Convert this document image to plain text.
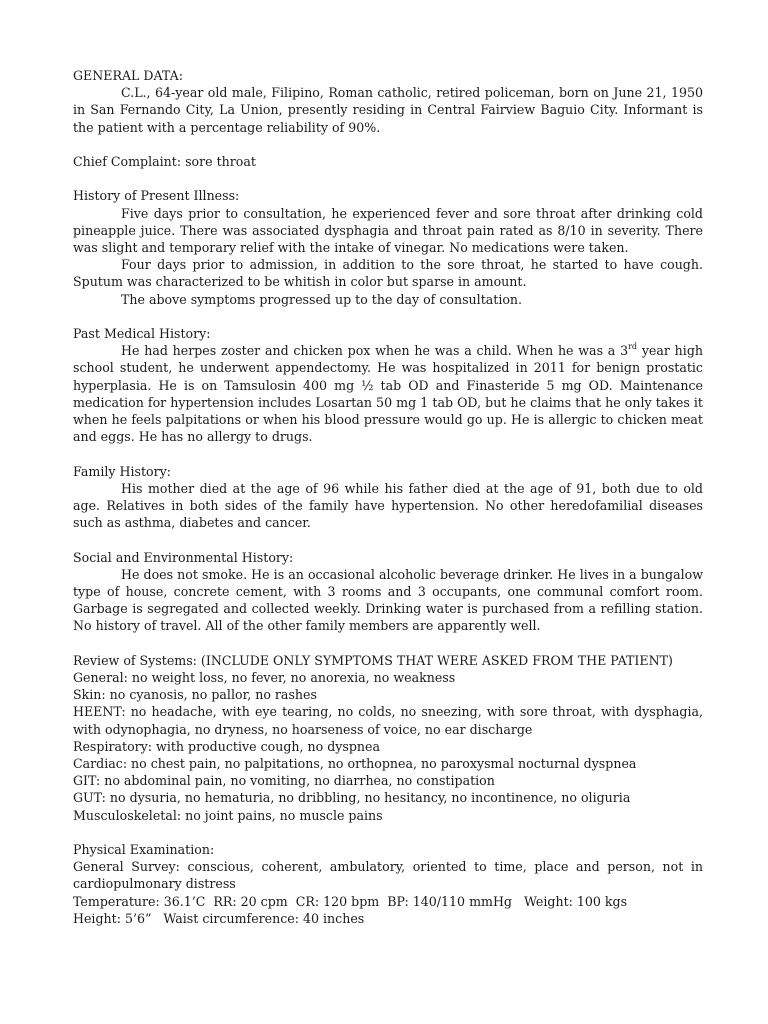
GENERAL DATA:

C.L., 64-year old male, Filipino, Roman catholic, retired policeman, born on June 21, 1950 in San Fernando City, La Union, presently residing in Central Fairview Baguio City. Informant is the patient with a percentage reliability of 90%.

Chief Complaint: sore throat

History of Present Illness:

Five days prior to consultation, he experienced fever and sore throat after drinking cold pineapple juice. There was associated dysphagia and throat pain rated as 8/10 in severity. There was slight and temporary relief with the intake of vinegar. No medications were taken.

Four days prior to admission, in addition to the sore throat, he started to have cough. Sputum was characterized to be whitish in color but sparse in amount.

The above symptoms progressed up to the day of consultation.

Past Medical History:

He had herpes zoster and chicken pox when he was a child. When he was a 3rd year high school student, he underwent appendectomy. He was hospitalized in 2011 for benign prostatic hyperplasia. He is on Tamsulosin 400 mg ½ tab OD and Finasteride 5 mg OD. Maintenance medication for hypertension includes Losartan 50 mg 1 tab OD, but he claims that he only takes it when he feels palpitations or when his blood pressure would go up. He is allergic to chicken meat and eggs. He has no allergy to drugs.

Family History:

His mother died at the age of 96 while his father died at the age of 91, both due to old age. Relatives in both sides of the family have hypertension. No other heredofamilial diseases such as asthma, diabetes and cancer.

Social and Environmental History:

He does not smoke. He is an occasional alcoholic beverage drinker. He lives in a bungalow type of house, concrete cement, with 3 rooms and 3 occupants, one communal comfort room. Garbage is segregated and collected weekly. Drinking water is purchased from a refilling station. No history of travel. All of the other family members are apparently well.

Review of Systems: (INCLUDE ONLY SYMPTOMS THAT WERE ASKED FROM THE PATIENT)

General: no weight loss, no fever, no anorexia, no weakness

Skin: no cyanosis, no pallor, no rashes

HEENT: no headache, with eye tearing, no colds, no sneezing, with sore throat, with dysphagia, with odynophagia, no dryness, no hoarseness of voice, no ear discharge

Respiratory: with productive cough, no dyspnea

Cardiac: no chest pain, no palpitations, no orthopnea, no paroxysmal nocturnal dyspnea

GIT: no abdominal pain, no vomiting, no diarrhea, no constipation

GUT: no dysuria, no hematuria, no dribbling, no hesitancy, no incontinence, no oliguria

Musculoskeletal: no joint pains, no muscle pains

Physical Examination:

General Survey: conscious, coherent, ambulatory, oriented to time, place and person, not in cardiopulmonary distress

Temperature: 36.1’C  RR: 20 cpm  CR: 120 bpm  BP: 140/110 mmHg   Weight: 100 kgs

Height: 5’6”   Waist circumference: 40 inches
